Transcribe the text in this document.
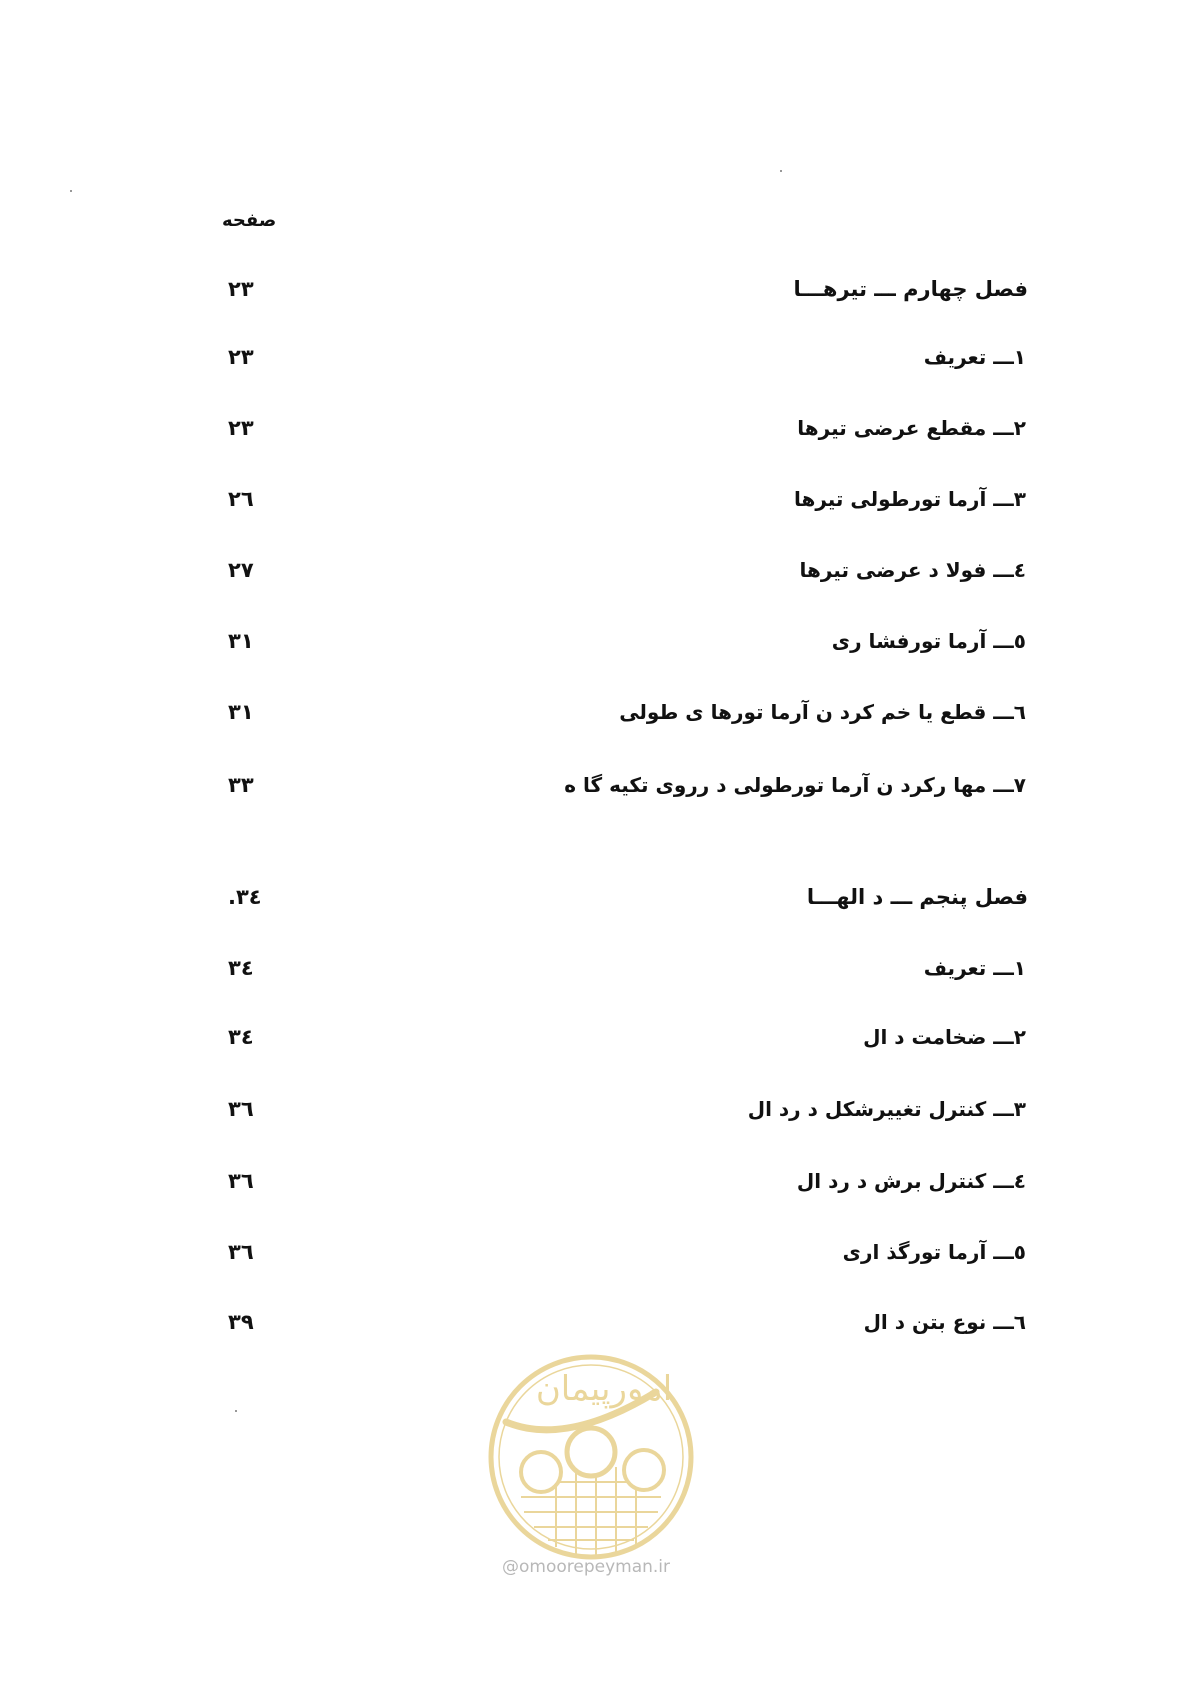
صفحه
فصل چهارم ـــ تیرهـــا
٢٣
١ـــ تعریف
٢٣
٢ـــ مقطع عرضی تیرها
٢٣
٣ـــ آرما تورطولی تیرها
٢٦
٤ـــ فولا د عرضی تیرها
٢٧
٥ـــ آرما تورفشا ری
٣١
٦ـــ قطع یا خم کرد ن آرما تورها ی طولی
٣١
٧ـــ مها رکرد ن آرما تورطولی د رروی تکیه گا ه
٣٣
فصل پنجم ـــ د الهـــا
.٣٤
١ـــ تعریف
٣٤
٢ـــ ضخامت د ال
٣٤
٣ـــ کنترل تغییرشکل د رد ال
٣٦
٤ـــ کنترل برش د رد ال
٣٦
٥ـــ آرما تورگذ اری
٣٦
٦ـــ نوع بتن د ال
٣٩
امورپیمان
@omoorepeyman.ir
